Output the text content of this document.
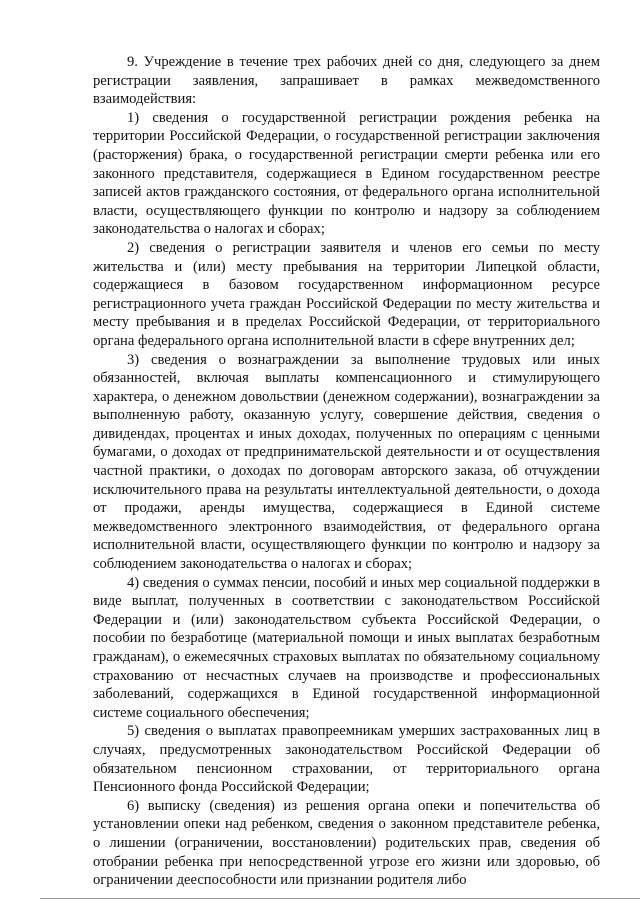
9. Учреждение в течение трех рабочих дней со дня, следующего за днем регистрации заявления, запрашивает в рамках межведомственного взаимодействия:

1) сведения о государственной регистрации рождения ребенка на территории Российской Федерации, о государственной регистрации заключения (расторжения) брака, о государственной регистрации смерти ребенка или его законного представителя, содержащиеся в Едином государственном реестре записей актов гражданского состояния, от федерального органа исполнительной власти, осуществляющего функции по контролю и надзору за соблюдением законодательства о налогах и сборах;

2) сведения о регистрации заявителя и членов его семьи по месту жительства и (или) месту пребывания на территории Липецкой области, содержащиеся в базовом государственном информационном ресурсе регистрационного учета граждан Российской Федерации по месту жительства и месту пребывания и в пределах Российской Федерации, от территориального органа федерального органа исполнительной власти в сфере внутренних дел;

3) сведения о вознаграждении за выполнение трудовых или иных обязанностей, включая выплаты компенсационного и стимулирующего характера, о денежном довольствии (денежном содержании), вознаграждении за выполненную работу, оказанную услугу, совершение действия, сведения о дивидендах, процентах и иных доходах, полученных по операциям с ценными бумагами, о доходах от предпринимательской деятельности и от осуществления частной практики, о доходах по договорам авторского заказа, об отчуждении исключительного права на результаты интеллектуальной деятельности, о дохода от продажи, аренды имущества, содержащиеся в Единой системе межведомственного электронного взаимодействия, от федерального органа исполнительной власти, осуществляющего функции по контролю и надзору за соблюдением законодательства о налогах и сборах;

4) сведения о суммах пенсии, пособий и иных мер социальной поддержки в виде выплат, полученных в соответствии с законодательством Российской Федерации и (или) законодательством субъекта Российской Федерации, о пособии по безработице (материальной помощи и иных выплатах безработным гражданам), о ежемесячных страховых выплатах по обязательному социальному страхованию от несчастных случаев на производстве и профессиональных заболеваний, содержащихся в Единой государственной информационной системе социального обеспечения;

5) сведения о выплатах правопреемникам умерших застрахованных лиц в случаях, предусмотренных законодательством Российской Федерации об обязательном пенсионном страховании, от территориального органа Пенсионного фонда Российской Федерации;

6) выписку (сведения) из решения органа опеки и попечительства об установлении опеки над ребенком, сведения о законном представителе ребенка, о лишении (ограничении, восстановлении) родительских прав, сведения об отобрании ребенка при непосредственной угрозе его жизни или здоровью, об ограничении дееспособности или признании родителя либо
